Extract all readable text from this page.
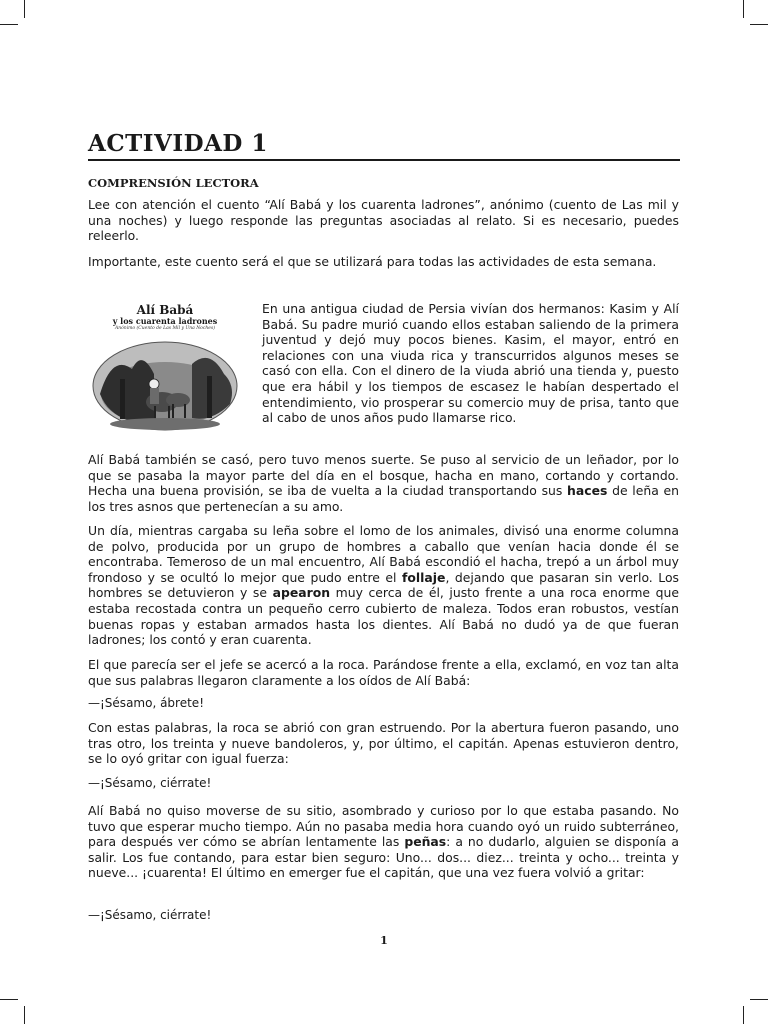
ACTIVIDAD 1
COMPRENSIÓN LECTORA

Lee con atención el cuento “Alí Babá y los cuarenta ladrones”, anónimo (cuento de Las mil y una noches) y luego responde las preguntas asociadas al relato. Si es necesario, puedes releerlo.

Importante, este cuento será el que se utilizará para todas las actividades de esta semana.

Alí Babá
y los cuarenta ladrones
Anónimo (Cuento de Las Mil y Una Noches)

En una antigua ciudad de Persia vivían dos hermanos: Kasim y Alí Babá. Su padre murió cuando ellos estaban saliendo de la primera juventud y dejó muy pocos bienes. Kasim, el mayor, entró en relaciones con una viuda rica y transcurridos algunos meses se casó con ella. Con el dinero de la viuda abrió una tienda y, puesto que era hábil y los tiempos de escasez le habían despertado el entendimiento, vio prosperar su comercio muy de prisa, tanto que al cabo de unos años pudo llamarse rico.

Alí Babá también se casó, pero tuvo menos suerte. Se puso al servicio de un leñador, por lo que se pasaba la mayor parte del día en el bosque, hacha en mano, cortando y cortando. Hecha una buena provisión, se iba de vuelta a la ciudad transportando sus haces de leña en los tres asnos que pertenecían a su amo.

Un día, mientras cargaba su leña sobre el lomo de los animales, divisó una enorme columna de polvo, producida por un grupo de hombres a caballo que venían hacia donde él se encontraba. Temeroso de un mal encuentro, Alí Babá escondió el hacha, trepó a un árbol muy frondoso y se ocultó lo mejor que pudo entre el follaje, dejando que pasaran sin verlo. Los hombres se detuvieron y se apearon muy cerca de él, justo frente a una roca enorme que estaba recostada contra un pequeño cerro cubierto de maleza. Todos eran robustos, vestían buenas ropas y estaban armados hasta los dientes. Alí Babá no dudó ya de que fueran ladrones; los contó y eran cuarenta.

El que parecía ser el jefe se acercó a la roca. Parándose frente a ella, exclamó, en voz tan alta que sus palabras llegaron claramente a los oídos de Alí Babá:

—¡Sésamo, ábrete!

Con estas palabras, la roca se abrió con gran estruendo. Por la abertura fueron pasando, uno tras otro, los treinta y nueve bandoleros, y, por último, el capitán. Apenas estuvieron dentro, se lo oyó gritar con igual fuerza:

—¡Sésamo, ciérrate!

Alí Babá no quiso moverse de su sitio, asombrado y curioso por lo que estaba pasando. No tuvo que esperar mucho tiempo. Aún no pasaba media hora cuando oyó un ruido subterráneo, para después ver cómo se abrían lentamente las peñas: a no dudarlo, alguien se disponía a salir. Los fue contando, para estar bien seguro: Uno... dos... diez... treinta y ocho... treinta y nueve... ¡cuarenta! El último en emerger fue el capitán, que una vez fuera volvió a gritar:

—¡Sésamo, ciérrate!

1
